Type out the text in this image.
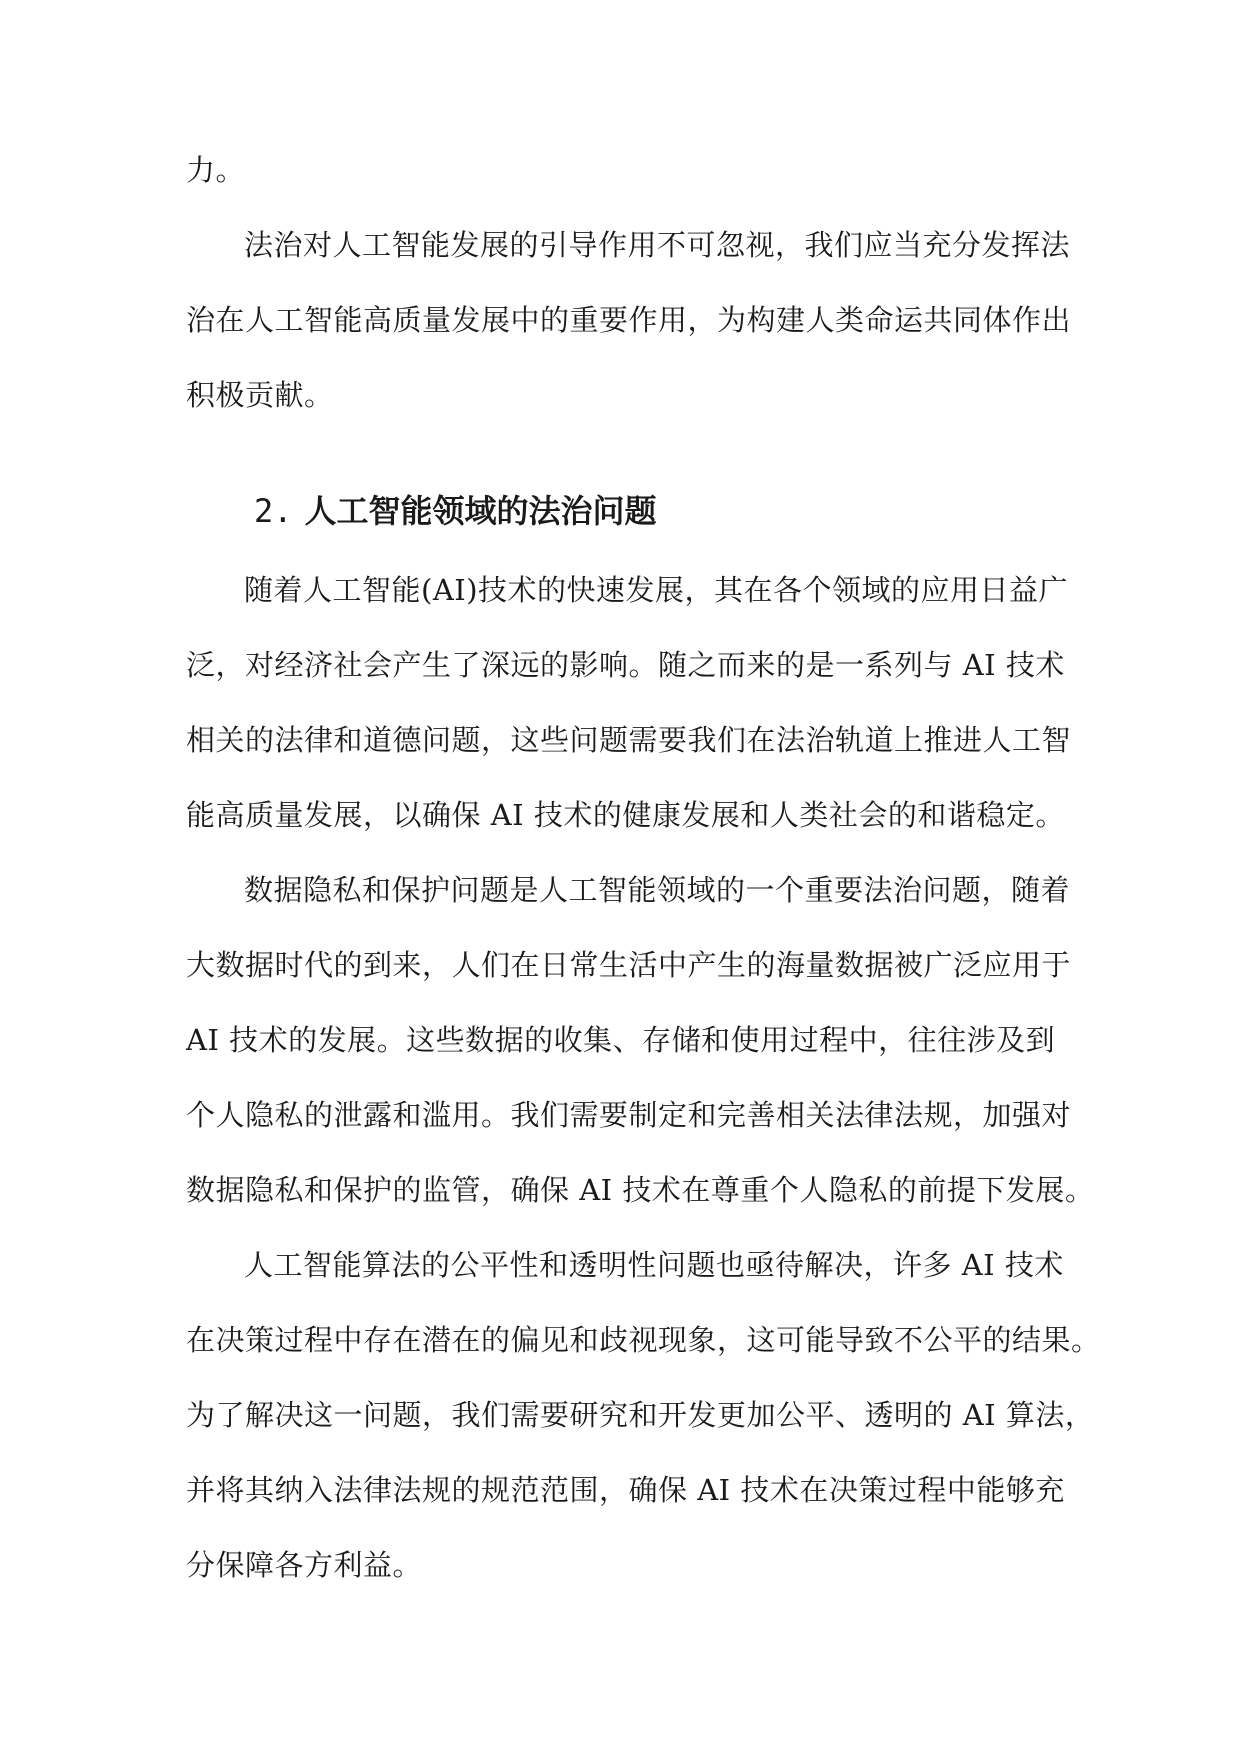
力。
法治对人工智能发展的引导作用不可忽视，我们应当充分发挥法
治在人工智能高质量发展中的重要作用，为构建人类命运共同体作出
积极贡献。
2. 人工智能领域的法治问题
随着人工智能(AI)技术的快速发展，其在各个领域的应用日益广
泛，对经济社会产生了深远的影响。随之而来的是一系列与 AI 技术
相关的法律和道德问题，这些问题需要我们在法治轨道上推进人工智
能高质量发展，以确保 AI 技术的健康发展和人类社会的和谐稳定。
数据隐私和保护问题是人工智能领域的一个重要法治问题，随着
大数据时代的到来，人们在日常生活中产生的海量数据被广泛应用于
AI 技术的发展。这些数据的收集、存储和使用过程中，往往涉及到
个人隐私的泄露和滥用。我们需要制定和完善相关法律法规，加强对
数据隐私和保护的监管，确保 AI 技术在尊重个人隐私的前提下发展。
人工智能算法的公平性和透明性问题也亟待解决，许多 AI 技术
在决策过程中存在潜在的偏见和歧视现象，这可能导致不公平的结果。
为了解决这一问题，我们需要研究和开发更加公平、透明的 AI 算法，
并将其纳入法律法规的规范范围，确保 AI 技术在决策过程中能够充
分保障各方利益。
